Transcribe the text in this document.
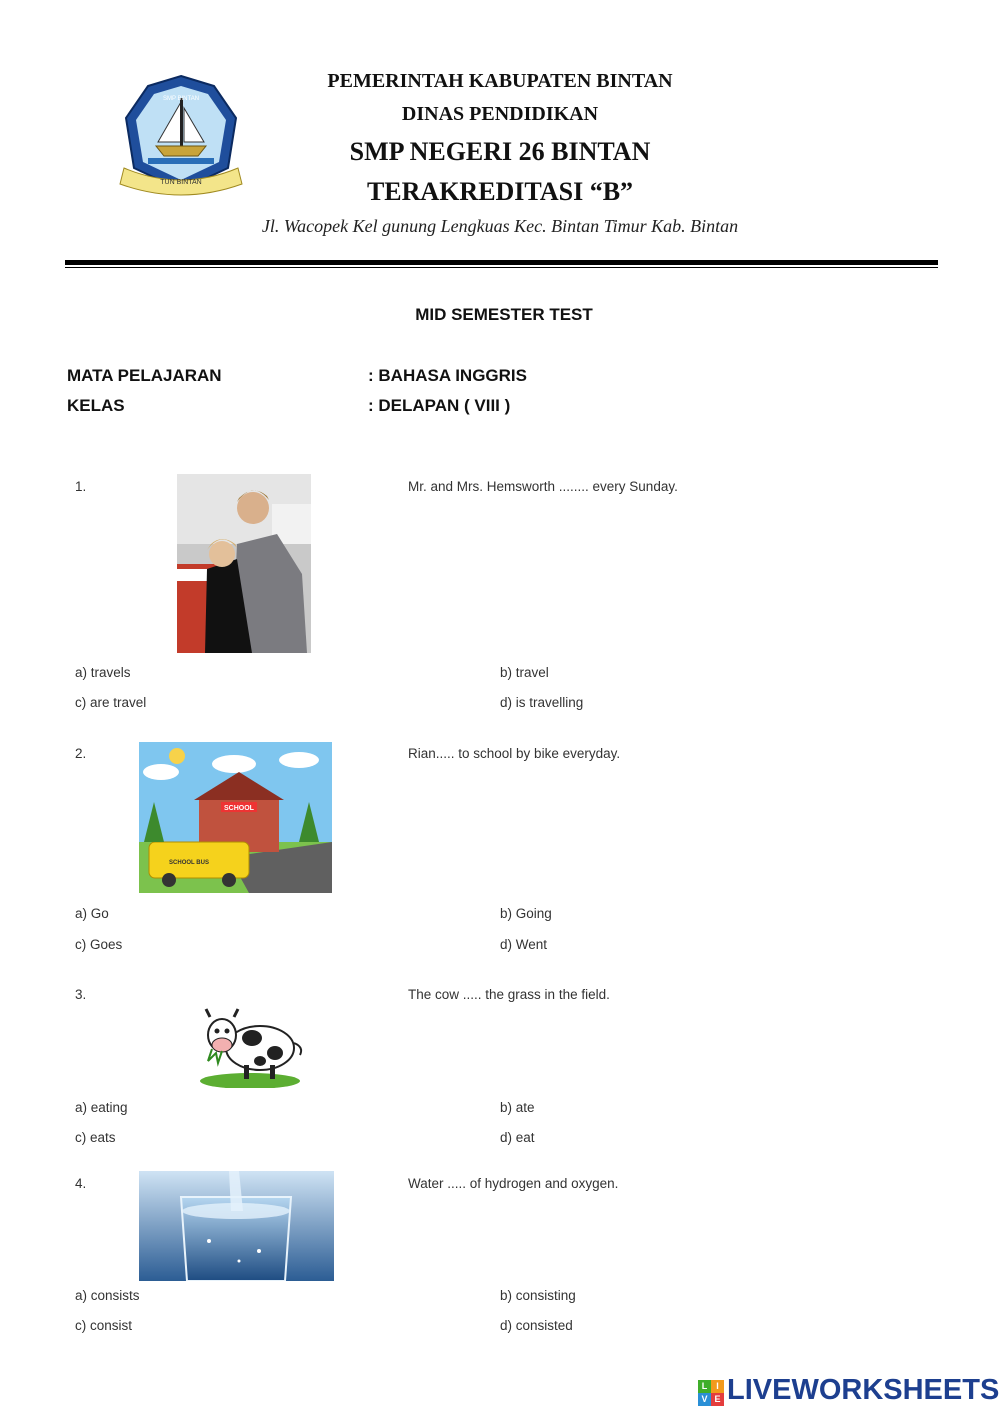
TUN BINTAN
SMP BINTAN
PEMERINTAH KABUPATEN BINTAN
DINAS PENDIDIKAN
SMP NEGERI 26 BINTAN
TERAKREDITASI “B”
Jl. Wacopek Kel gunung Lengkuas Kec. Bintan Timur Kab. Bintan
MID SEMESTER TEST
MATA PELAJARAN	: BAHASA INGGRIS
KELAS	: DELAPAN ( VIII )
1.	Mr. and Mrs. Hemsworth ........ every Sunday.
a) travels	b) travel
c) are travel	d) is travelling
2.
SCHOOL
SCHOOL BUS
Rian..... to school by bike everyday.
a) Go	b) Going
c) Goes	d) Went
3.	The cow ..... the grass in the field.
a) eating	b) ate
c) eats	d) eat
4.	Water ..... of hydrogen and oxygen.
a) consists	b) consisting
c) consist	d) consisted
L I
V E LIVEWORKSHEETS
